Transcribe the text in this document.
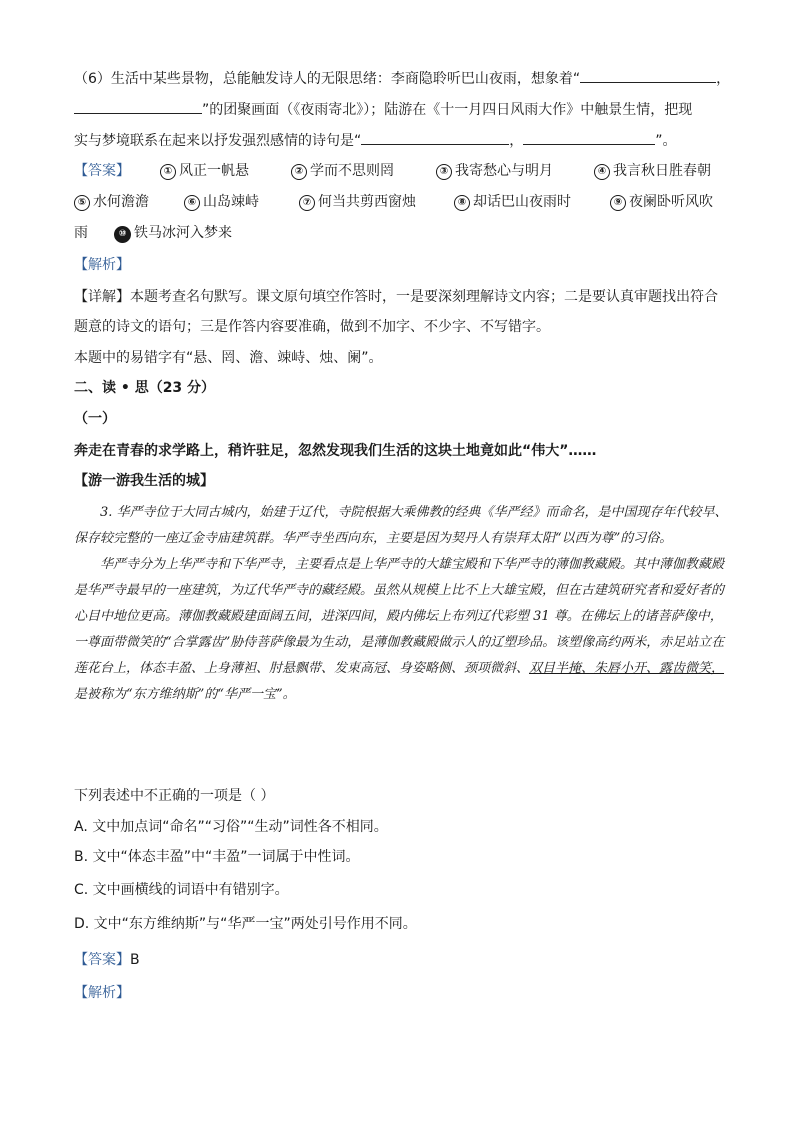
（6）生活中某些景物，总能触发诗人的无限思绪：李商隐聆听巴山夜雨，想象着“	，
”的团聚画面（《夜雨寄北》）；陆游在《十一月四日风雨大作》中触景生情，把现
实与梦境联系在起来以抒发强烈感情的诗句是“	，	”。
【答案】	① 风正一帆悬	② 学而不思则罔	③ 我寄愁心与明月	④ 我言秋日胜春朝
⑤ 水何澹澹	⑥ 山岛竦峙	⑦ 何当共剪西窗烛	⑧ 却话巴山夜雨时	⑨ 夜阑卧听风吹
雨	⑩ 铁马冰河入梦来
【解析】
【详解】本题考查名句默写。课文原句填空作答时，一是要深刻理解诗文内容；二是要认真审题找出符合
题意的诗文的语句；三是作答内容要准确，做到不加字、不少字、不写错字。
本题中的易错字有“悬、罔、澹、竦峙、烛、阑”。
二、读 • 思（23 分）
（一）
奔走在青春的求学路上，稍许驻足，忽然发现我们生活的这块土地竟如此“伟大”……
【游一游我生活的城】

3. 华严寺位于大同古城内，始建于辽代，寺院根据大乘佛教的经典《华严经》而命名，是中国现存年代较早、保存较完整的一座辽金寺庙建筑群。华严寺坐西向东，主要是因为契丹人有崇拜太阳“以西为尊”的习俗。

华严寺分为上华严寺和下华严寺，主要看点是上华严寺的大雄宝殿和下华严寺的薄伽教藏殿。其中薄伽教藏殿是华严寺最早的一座建筑，为辽代华严寺的藏经殿。虽然从规模上比不上大雄宝殿，但在古建筑研究者和爱好者的心目中地位更高。薄伽教藏殿建面阔五间，进深四间，殿内佛坛上布列辽代彩塑 31 尊。在佛坛上的诸菩萨像中，一尊面带微笑的“合掌露齿”胁侍菩萨像最为生动，是薄伽教藏殿做示人的辽塑珍品。该塑像高约两米，赤足站立在莲花台上，体态丰盈、上身薄袒、肘悬飘带、发束高冠、身姿略侧、颈项微斜、双目半掩、朱唇小开、露齿微笑，是被称为“东方维纳斯”的“华严一宝”。

下列表述中不正确的一项是（ ）
A. 文中加点词“命名”“习俗”“生动”词性各不相同。
B. 文中“体态丰盈”中“丰盈”一词属于中性词。
C. 文中画横线的词语中有错别字。
D. 文中“东方维纳斯”与“华严一宝”两处引号作用不同。
【答案】B
【解析】
